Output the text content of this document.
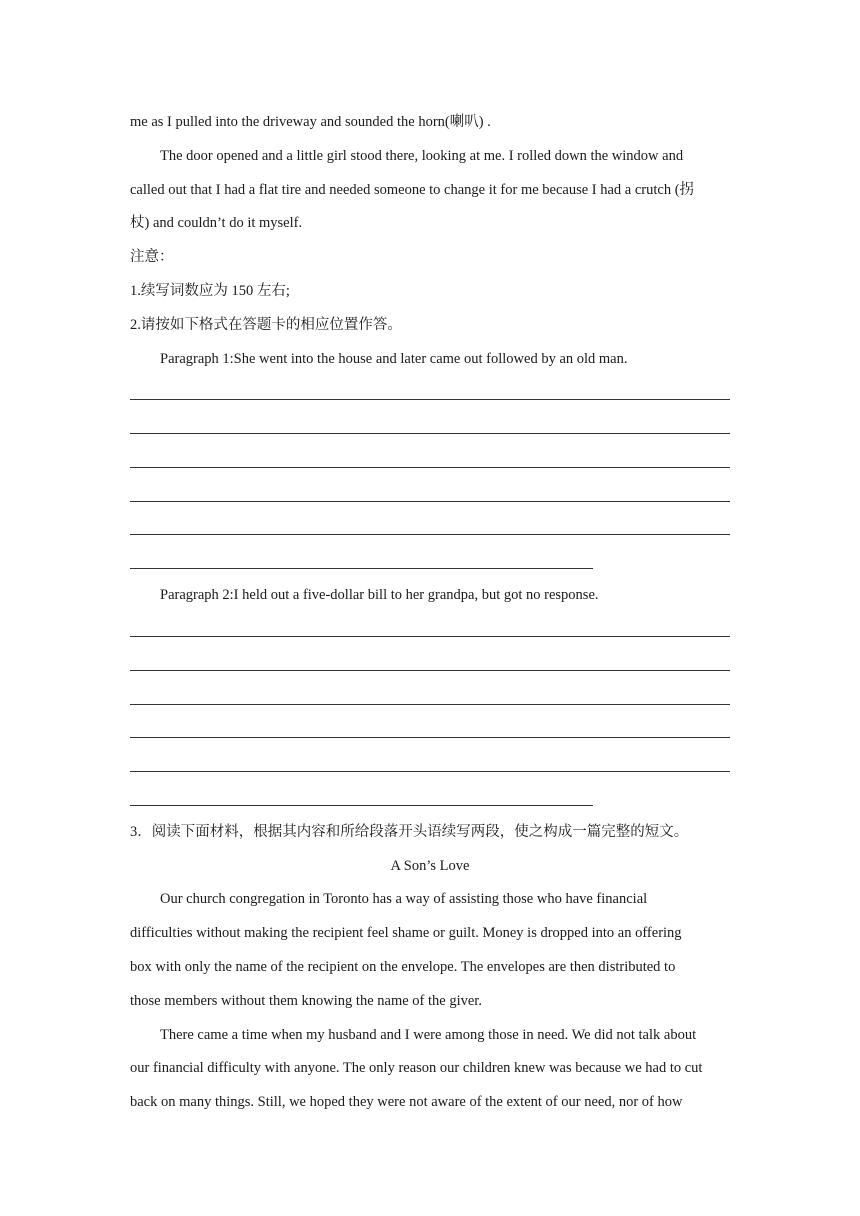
me as I pulled into the driveway and sounded the horn(喇叭) .
The door opened and a little girl stood there, looking at me. I rolled down the window and
called out that I had a flat tire and needed someone to change it for me because I had a crutch (拐
杖) and couldn’t do it myself.
注意：
1.续写词数应为 150 左右;
2.请按如下格式在答题卡的相应位置作答。
Paragraph 1:She went into the house and later came out followed by an old man.
Paragraph 2:I held out a five-dollar bill to her grandpa, but got no response.
3．阅读下面材料，根据其内容和所给段落开头语续写两段，使之构成一篇完整的短文。
A Son’s Love
Our church congregation in Toronto has a way of assisting those who have financial
difficulties without making the recipient feel shame or guilt. Money is dropped into an offering
box with only the name of the recipient on the envelope. The envelopes are then distributed to
those members without them knowing the name of the giver.
There came a time when my husband and I were among those in need. We did not talk about
our financial difficulty with anyone. The only reason our children knew was because we had to cut
back on many things. Still, we hoped they were not aware of the extent of our need, nor of how
